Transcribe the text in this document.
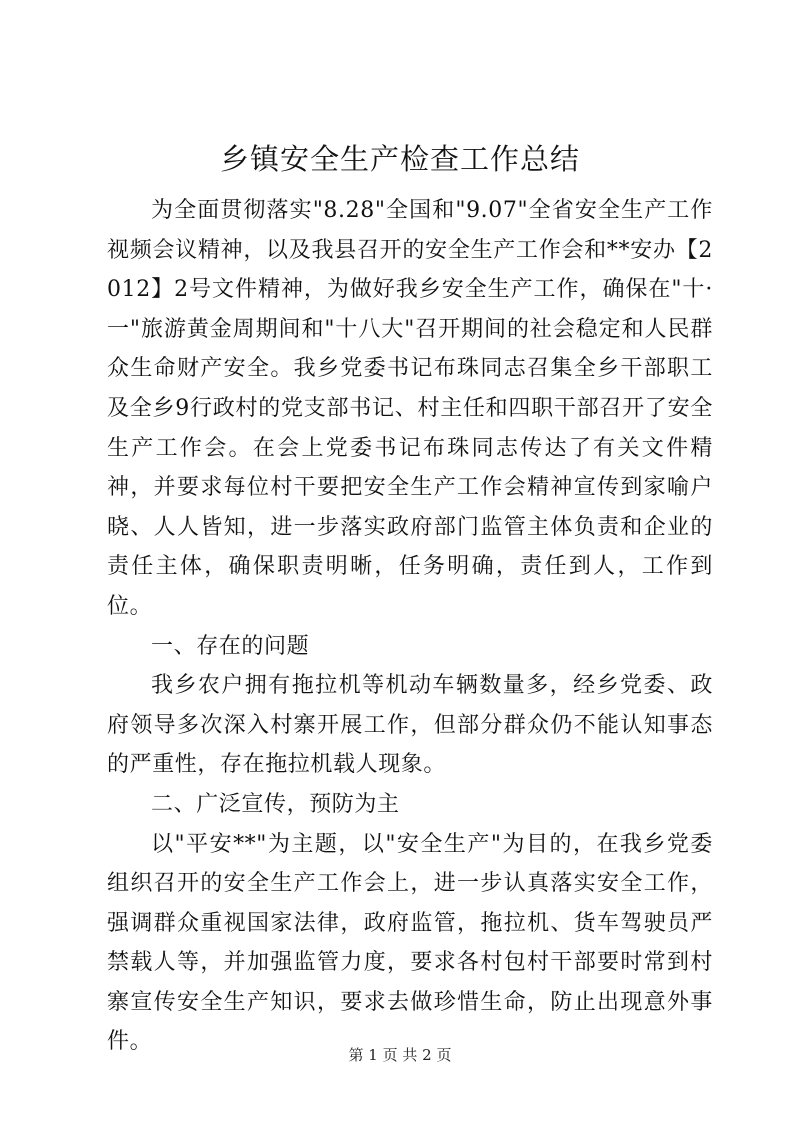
乡镇安全生产检查工作总结

为全面贯彻落实"8.28"全国和"9.07"全省安全生产工作视频会议精神，以及我县召开的安全生产工作会和**安办【2012】2号文件精神，为做好我乡安全生产工作，确保在"十·一"旅游黄金周期间和"十八大"召开期间的社会稳定和人民群众生命财产安全。我乡党委书记布珠同志召集全乡干部职工及全乡9行政村的党支部书记、村主任和四职干部召开了安全生产工作会。在会上党委书记布珠同志传达了有关文件精神，并要求每位村干要把安全生产工作会精神宣传到家喻户晓、人人皆知，进一步落实政府部门监管主体负责和企业的责任主体，确保职责明晰，任务明确，责任到人，工作到位。

一、存在的问题

我乡农户拥有拖拉机等机动车辆数量多，经乡党委、政府领导多次深入村寨开展工作，但部分群众仍不能认知事态的严重性，存在拖拉机载人现象。

二、广泛宣传，预防为主

以"平安**"为主题，以"安全生产"为目的，在我乡党委组织召开的安全生产工作会上，进一步认真落实安全工作，强调群众重视国家法律，政府监管，拖拉机、货车驾驶员严禁载人等，并加强监管力度，要求各村包村干部要时常到村寨宣传安全生产知识，要求去做珍惜生命，防止出现意外事件。

第 1 页 共 2 页
